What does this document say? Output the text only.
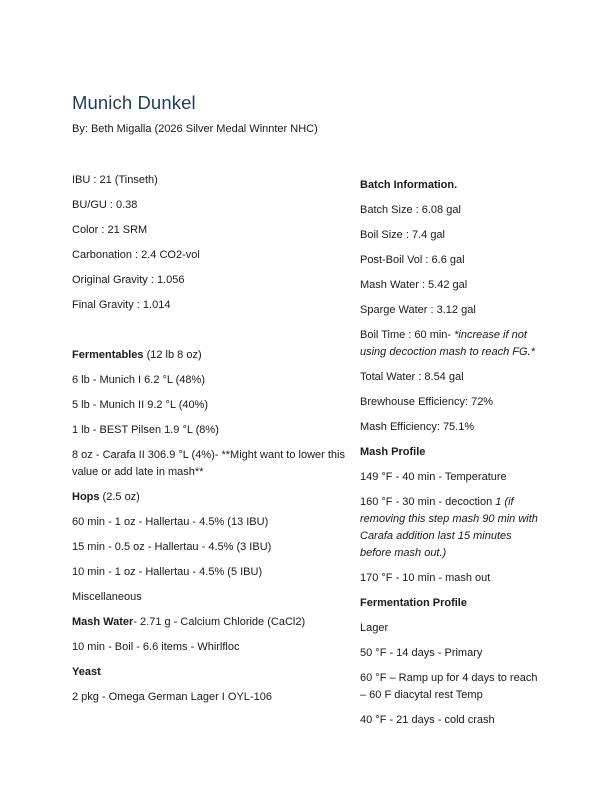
Munich Dunkel
By: Beth Migalla (2026 Silver Medal Winnter NHC)
IBU : 21 (Tinseth)
BU/GU : 0.38
Color : 21 SRM
Carbonation : 2.4 CO2-vol
Original Gravity : 1.056
Final Gravity : 1.014
Fermentables (12 lb 8 oz)
6 lb - Munich I 6.2 °L (48%)
5 lb - Munich II 9.2 °L (40%)
1 lb - BEST Pilsen 1.9 °L (8%)
8 oz - Carafa II 306.9 °L (4%)- **Might want to lower this value or add late in mash**
Hops (2.5 oz)
60 min - 1 oz - Hallertau - 4.5% (13 IBU)
15 min - 0.5 oz - Hallertau - 4.5% (3 IBU)
10 min - 1 oz - Hallertau - 4.5% (5 IBU)
Miscellaneous
Mash Water- 2.71 g - Calcium Chloride (CaCl2)
10 min - Boil - 6.6 items - Whirlfloc
Yeast
2 pkg - Omega German Lager I OYL-106
Batch Information.
Batch Size : 6.08 gal
Boil Size : 7.4 gal
Post-Boil Vol : 6.6 gal
Mash Water : 5.42 gal
Sparge Water : 3.12 gal
Boil Time : 60 min- *increase if not using decoction mash to reach FG.*
Total Water : 8.54 gal
Brewhouse Efficiency: 72%
Mash Efficiency: 75.1%
Mash Profile
149 °F - 40 min - Temperature
160 °F - 30 min - decoction 1 (if removing this step mash 90 min with Carafa addition last 15 minutes before mash out.)
170 °F - 10 min - mash out
Fermentation Profile
Lager
50 °F - 14 days - Primary
60 °F – Ramp up for 4 days to reach – 60 F diacytal rest Temp
40 °F - 21 days - cold crash
